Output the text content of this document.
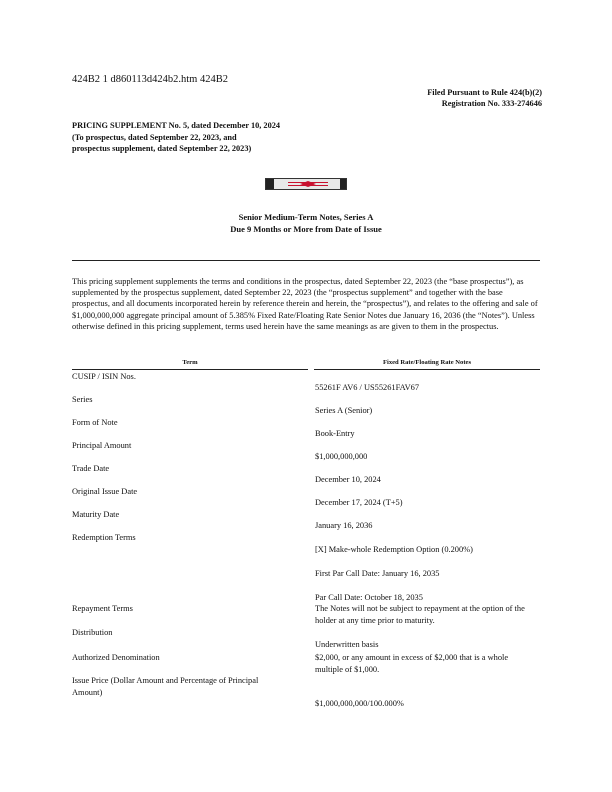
424B2 1 d860113d424b2.htm 424B2
Filed Pursuant to Rule 424(b)(2)
Registration No. 333-274646
PRICING SUPPLEMENT No. 5, dated December 10, 2024
(To prospectus, dated September 22, 2023, and
prospectus supplement, dated September 22, 2023)
Senior Medium-Term Notes, Series A
Due 9 Months or More from Date of Issue
This pricing supplement supplements the terms and conditions in the prospectus, dated September 22, 2023 (the “base prospectus”), as supplemented by the prospectus supplement, dated September 22, 2023 (the “prospectus supplement” and together with the base prospectus, and all documents incorporated herein by reference therein and herein, the “prospectus”), and relates to the offering and sale of $1,000,000,000 aggregate principal amount of 5.385% Fixed Rate/Floating Rate Senior Notes due January 16, 2036 (the “Notes”). Unless otherwise defined in this pricing supplement, terms used herein have the same meanings as are given to them in the prospectus.
Term	Fixed Rate/Floating Rate Notes
CUSIP / ISIN Nos.
Series
Form of Note
Principal Amount
Trade Date
Original Issue Date
Maturity Date
Redemption Terms
Repayment Terms
Distribution
Authorized Denomination
Issue Price (Dollar Amount and Percentage of Principal Amount)
55261F AV6 / US55261FAV67
Series A (Senior)
Book-Entry
$1,000,000,000
December 10, 2024
December 17, 2024 (T+5)
January 16, 2036
[X] Make-whole Redemption Option (0.200%)
First Par Call Date: January 16, 2035
Par Call Date: October 18, 2035
The Notes will not be subject to repayment at the option of the holder at any time prior to maturity.
Underwritten basis
$2,000, or any amount in excess of $2,000 that is a whole multiple of $1,000.
$1,000,000,000/100.000%
